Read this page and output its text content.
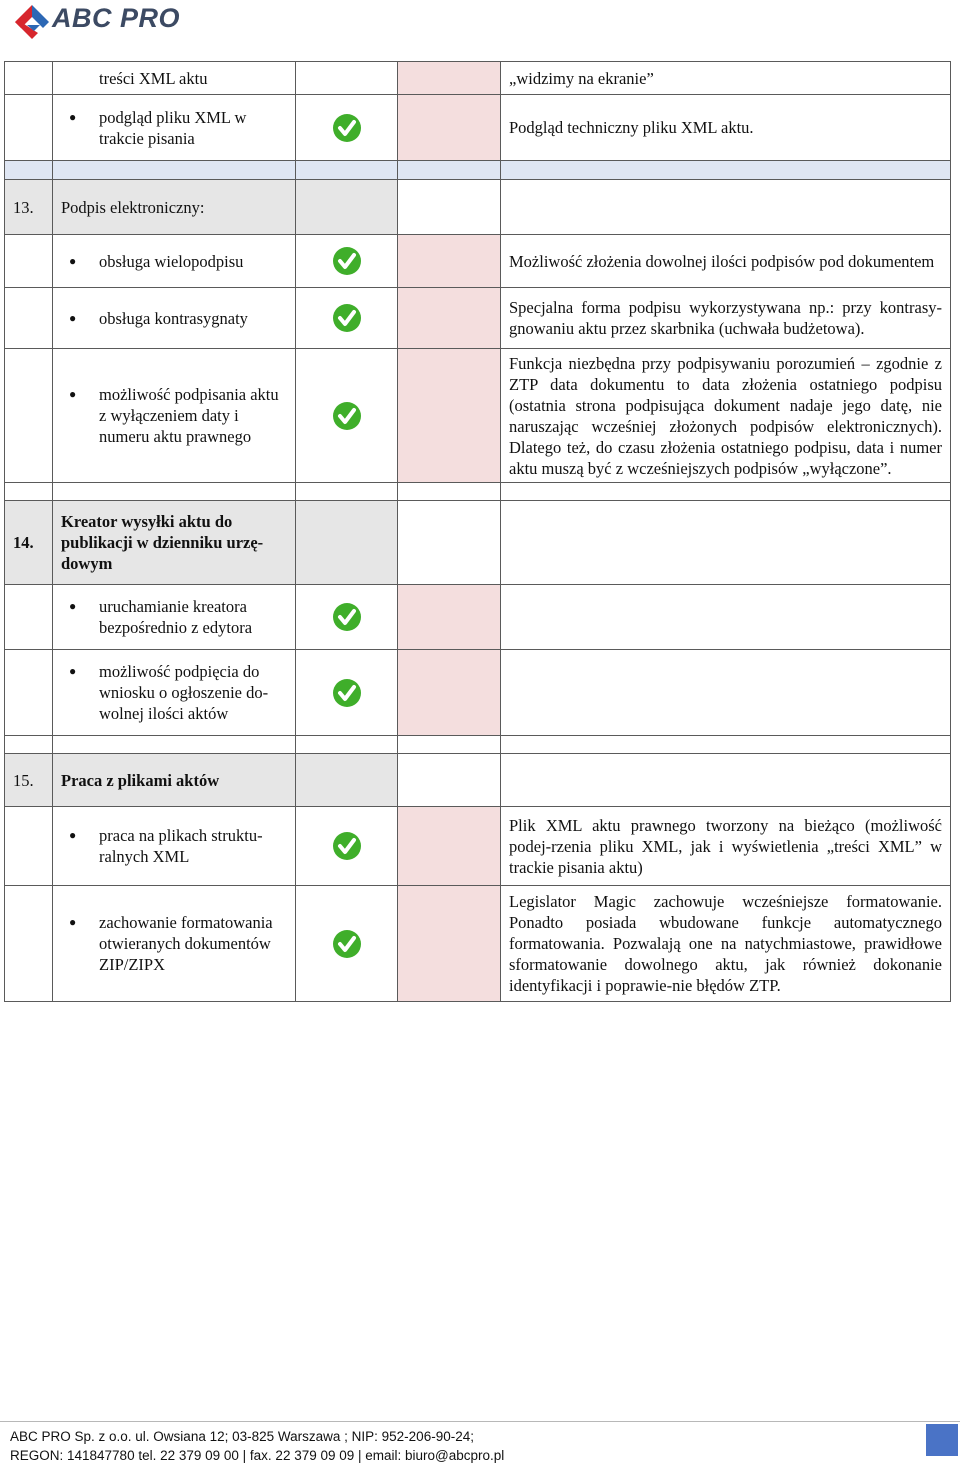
ABC PRO

	treści XML aktu			„widzimy na ekranie”

	● podgląd pliku XML w trakcie pisania			Podgląd techniczny pliku XML aktu.

13.	Podpis elektroniczny:			

	● obsługa wielopodpisu			Możliwość złożenia dowolnej ilości podpisów pod dokumentem

	● obsługa kontrasygnaty			Specjalna forma podpisu wykorzystywana np.: przy kontrasy-gnowaniu aktu przez skarbnika (uchwała budżetowa).

	● możliwość podpisania aktu z wyłączeniem daty i numeru aktu prawnego			Funkcja niezbędna przy podpisywaniu porozumień – zgodnie z ZTP data dokumentu to data złożenia ostatniego podpisu (ostatnia strona podpisująca dokument nadaje jego datę, nie naruszając wcześniej złożonych podpisów elektronicznych). Dlatego też, do czasu złożenia ostatniego podpisu, data i numer aktu muszą być z wcześniejszych podpisów „wyłączone”.

14.	Kreator wysyłki aktu do publikacji w dzienniku urzę-dowym			

	● uruchamianie kreatora bezpośrednio z edytora

	● możliwość podpięcia do wniosku o ogłoszenie do-wolnej ilości aktów

15.	Praca z plikami aktów			

	● praca na plikach struktu-ralnych XML			Plik XML aktu prawnego tworzony na bieżąco (możliwość podej-rzenia pliku XML, jak i wyświetlenia „treści XML” w trackie pisania aktu)

	● zachowanie formatowania otwieranych dokumentów ZIP/ZIPX			Legislator Magic zachowuje wcześniejsze formatowanie. Ponadto posiada wbudowane funkcje automatycznego formatowania. Pozwalają one na natychmiastowe, prawidłowe sformatowanie dowolnego aktu, jak również dokonanie identyfikacji i poprawie-nie błędów ZTP.
ABC PRO Sp. z o.o. ul. Owsiana 12; 03-825 Warszawa ; NIP: 952-206-90-24;
REGON: 141847780 tel. 22 379 09 00 | fax. 22 379 09 09 | email: biuro@abcpro.pl
